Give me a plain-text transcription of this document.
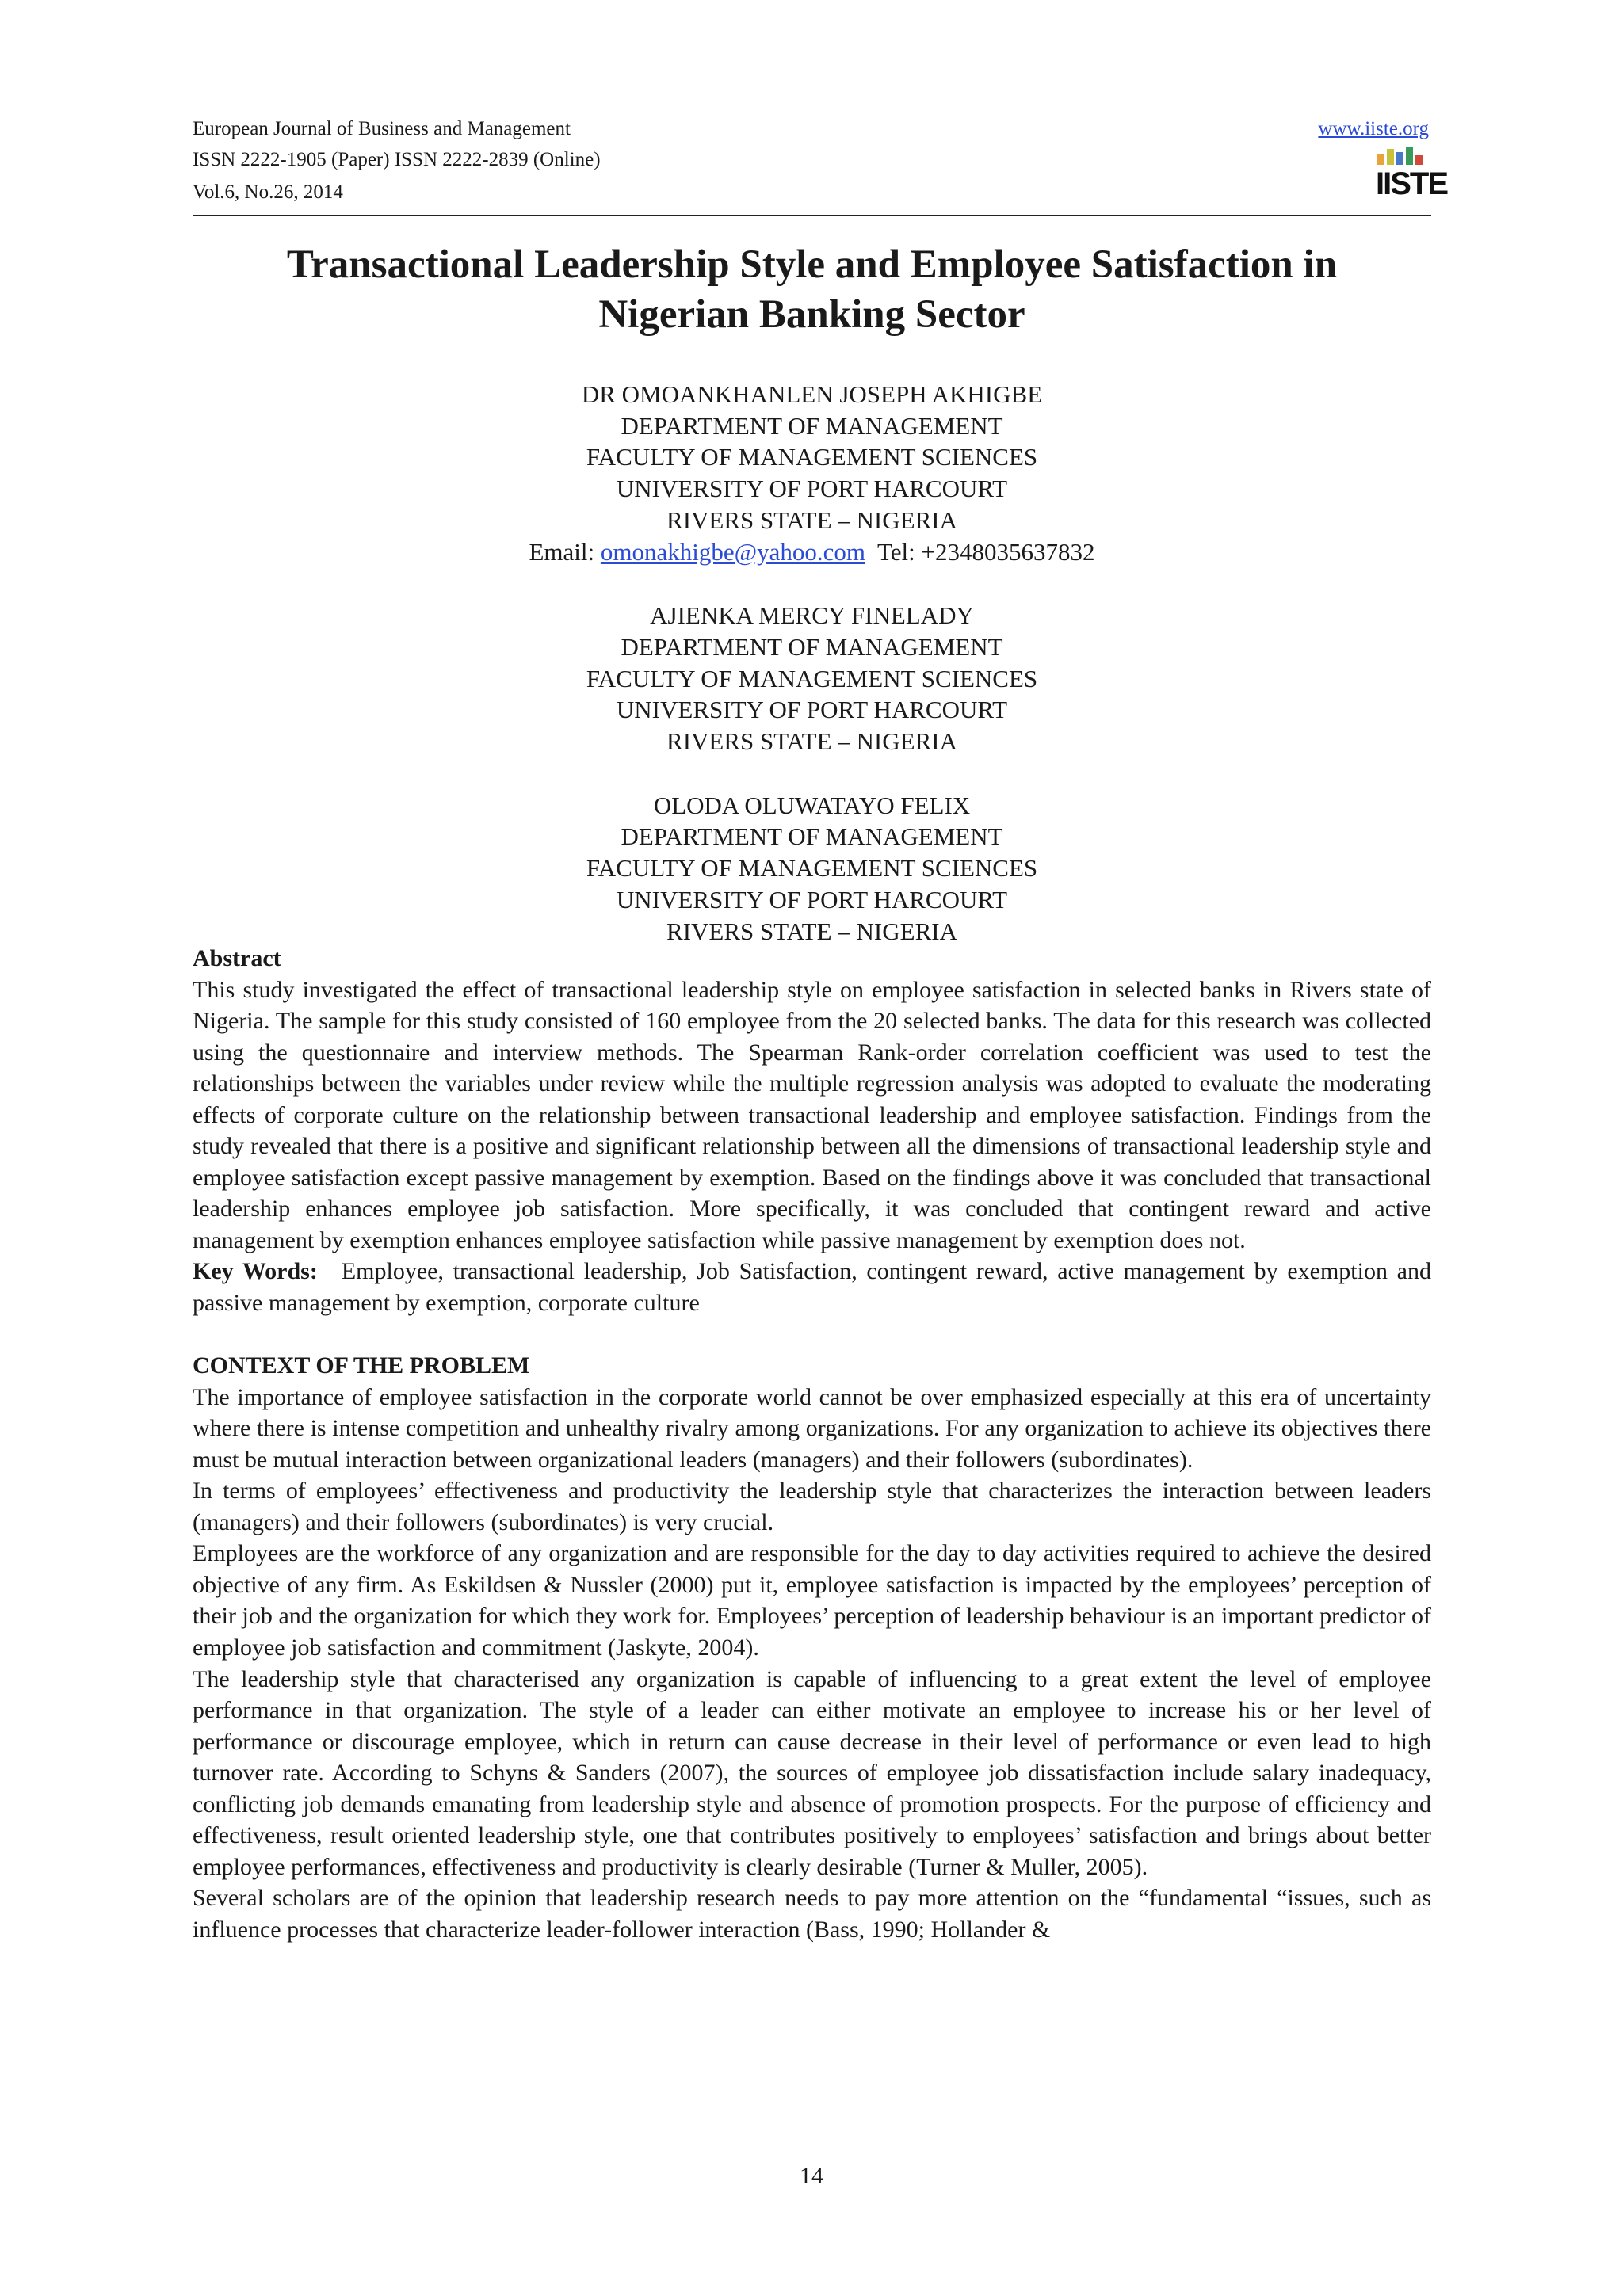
European Journal of Business and Management
ISSN 2222-1905 (Paper) ISSN 2222-2839 (Online)
Vol.6, No.26, 2014
www.iiste.org
IISTE
Transactional Leadership Style and Employee Satisfaction in
Nigerian Banking Sector
DR OMOANKHANLEN JOSEPH AKHIGBE
DEPARTMENT OF MANAGEMENT
FACULTY OF MANAGEMENT SCIENCES
UNIVERSITY OF PORT HARCOURT
RIVERS STATE – NIGERIA
Email: omonakhigbe@yahoo.com Tel: +2348035637832
AJIENKA MERCY FINELADY
DEPARTMENT OF MANAGEMENT
FACULTY OF MANAGEMENT SCIENCES
UNIVERSITY OF PORT HARCOURT
RIVERS STATE – NIGERIA
OLODA OLUWATAYO FELIX
DEPARTMENT OF MANAGEMENT
FACULTY OF MANAGEMENT SCIENCES
UNIVERSITY OF PORT HARCOURT
RIVERS STATE – NIGERIA

Abstract

This study investigated the effect of transactional leadership style on employee satisfaction in selected banks in Rivers state of Nigeria. The sample for this study consisted of 160 employee from the 20 selected banks. The data for this research was collected using the questionnaire and interview methods. The Spearman Rank-order correlation coefficient was used to test the relationships between the variables under review while the multiple regression analysis was adopted to evaluate the moderating effects of corporate culture on the relationship between transactional leadership and employee satisfaction. Findings from the study revealed that there is a positive and significant relationship between all the dimensions of transactional leadership style and employee satisfaction except passive management by exemption. Based on the findings above it was concluded that transactional leadership enhances employee job satisfaction. More specifically, it was concluded that contingent reward and active management by exemption enhances employee satisfaction while passive management by exemption does not.

Key Words: Employee, transactional leadership, Job Satisfaction, contingent reward, active management by exemption and passive management by exemption, corporate culture

CONTEXT OF THE PROBLEM

The importance of employee satisfaction in the corporate world cannot be over emphasized especially at this era of uncertainty where there is intense competition and unhealthy rivalry among organizations. For any organization to achieve its objectives there must be mutual interaction between organizational leaders (managers) and their followers (subordinates).

In terms of employees’ effectiveness and productivity the leadership style that characterizes the interaction between leaders (managers) and their followers (subordinates) is very crucial.

Employees are the workforce of any organization and are responsible for the day to day activities required to achieve the desired objective of any firm. As Eskildsen & Nussler (2000) put it, employee satisfaction is impacted by the employees’ perception of their job and the organization for which they work for. Employees’ perception of leadership behaviour is an important predictor of employee job satisfaction and commitment (Jaskyte, 2004).

The leadership style that characterised any organization is capable of influencing to a great extent the level of employee performance in that organization. The style of a leader can either motivate an employee to increase his or her level of performance or discourage employee, which in return can cause decrease in their level of performance or even lead to high turnover rate. According to Schyns & Sanders (2007), the sources of employee job dissatisfaction include salary inadequacy, conflicting job demands emanating from leadership style and absence of promotion prospects. For the purpose of efficiency and effectiveness, result oriented leadership style, one that contributes positively to employees’ satisfaction and brings about better employee performances, effectiveness and productivity is clearly desirable (Turner & Muller, 2005).

Several scholars are of the opinion that leadership research needs to pay more attention on the “fundamental “issues, such as influence processes that characterize leader-follower interaction (Bass, 1990; Hollander &

14
